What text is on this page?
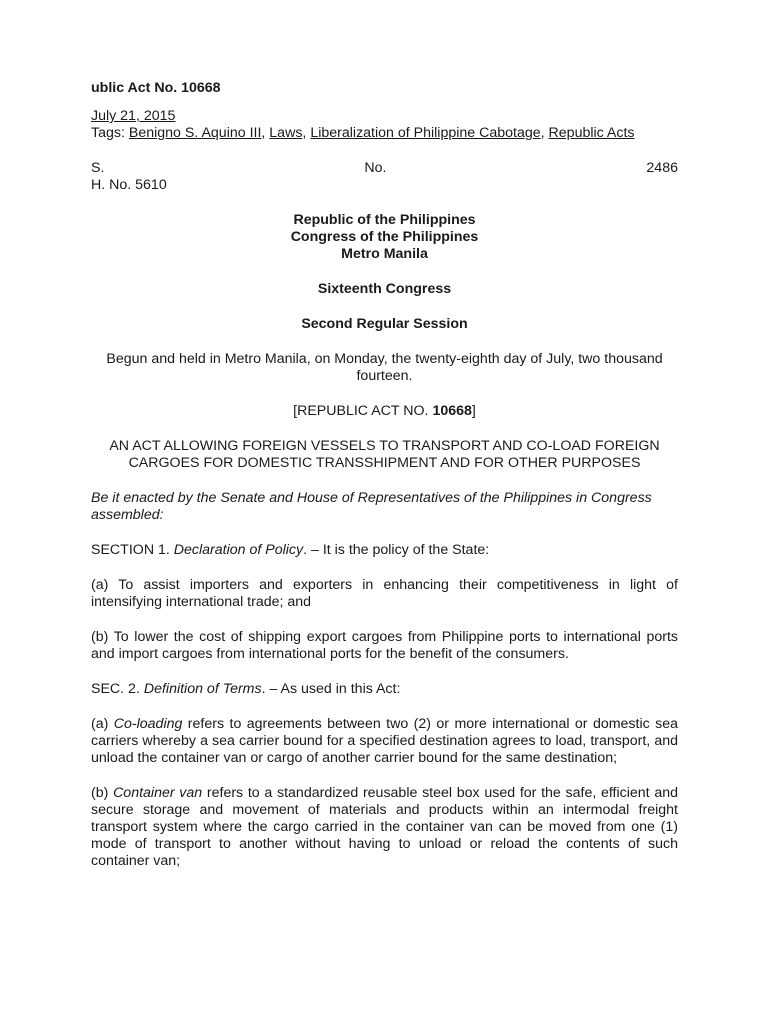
ublic Act No. 10668

July 21, 2015

Tags: Benigno S. Aquino III, Laws, Liberalization of Philippine Cabotage, Republic Acts

S.	No.	2486

H. No. 5610

Republic of the Philippines

Congress of the Philippines

Metro Manila

Sixteenth Congress

Second Regular Session

Begun and held in Metro Manila, on Monday, the twenty-eighth day of July, two thousand fourteen.

[REPUBLIC ACT NO. 10668]

AN ACT ALLOWING FOREIGN VESSELS TO TRANSPORT AND CO-LOAD FOREIGN CARGOES FOR DOMESTIC TRANSSHIPMENT AND FOR OTHER PURPOSES

Be it enacted by the Senate and House of Representatives of the Philippines in Congress assembled:

SECTION 1. Declaration of Policy. – It is the policy of the State:

(a) To assist importers and exporters in enhancing their competitiveness in light of intensifying international trade; and

(b) To lower the cost of shipping export cargoes from Philippine ports to international ports and import cargoes from international ports for the benefit of the consumers.

SEC. 2. Definition of Terms. – As used in this Act:

(a) Co-loading refers to agreements between two (2) or more international or domestic sea carriers whereby a sea carrier bound for a specified destination agrees to load, transport, and unload the container van or cargo of another carrier bound for the same destination;

(b) Container van refers to a standardized reusable steel box used for the safe, efficient and secure storage and movement of materials and products within an intermodal freight transport system where the cargo carried in the container van can be moved from one (1) mode of transport to another without having to unload or reload the contents of such container van;
